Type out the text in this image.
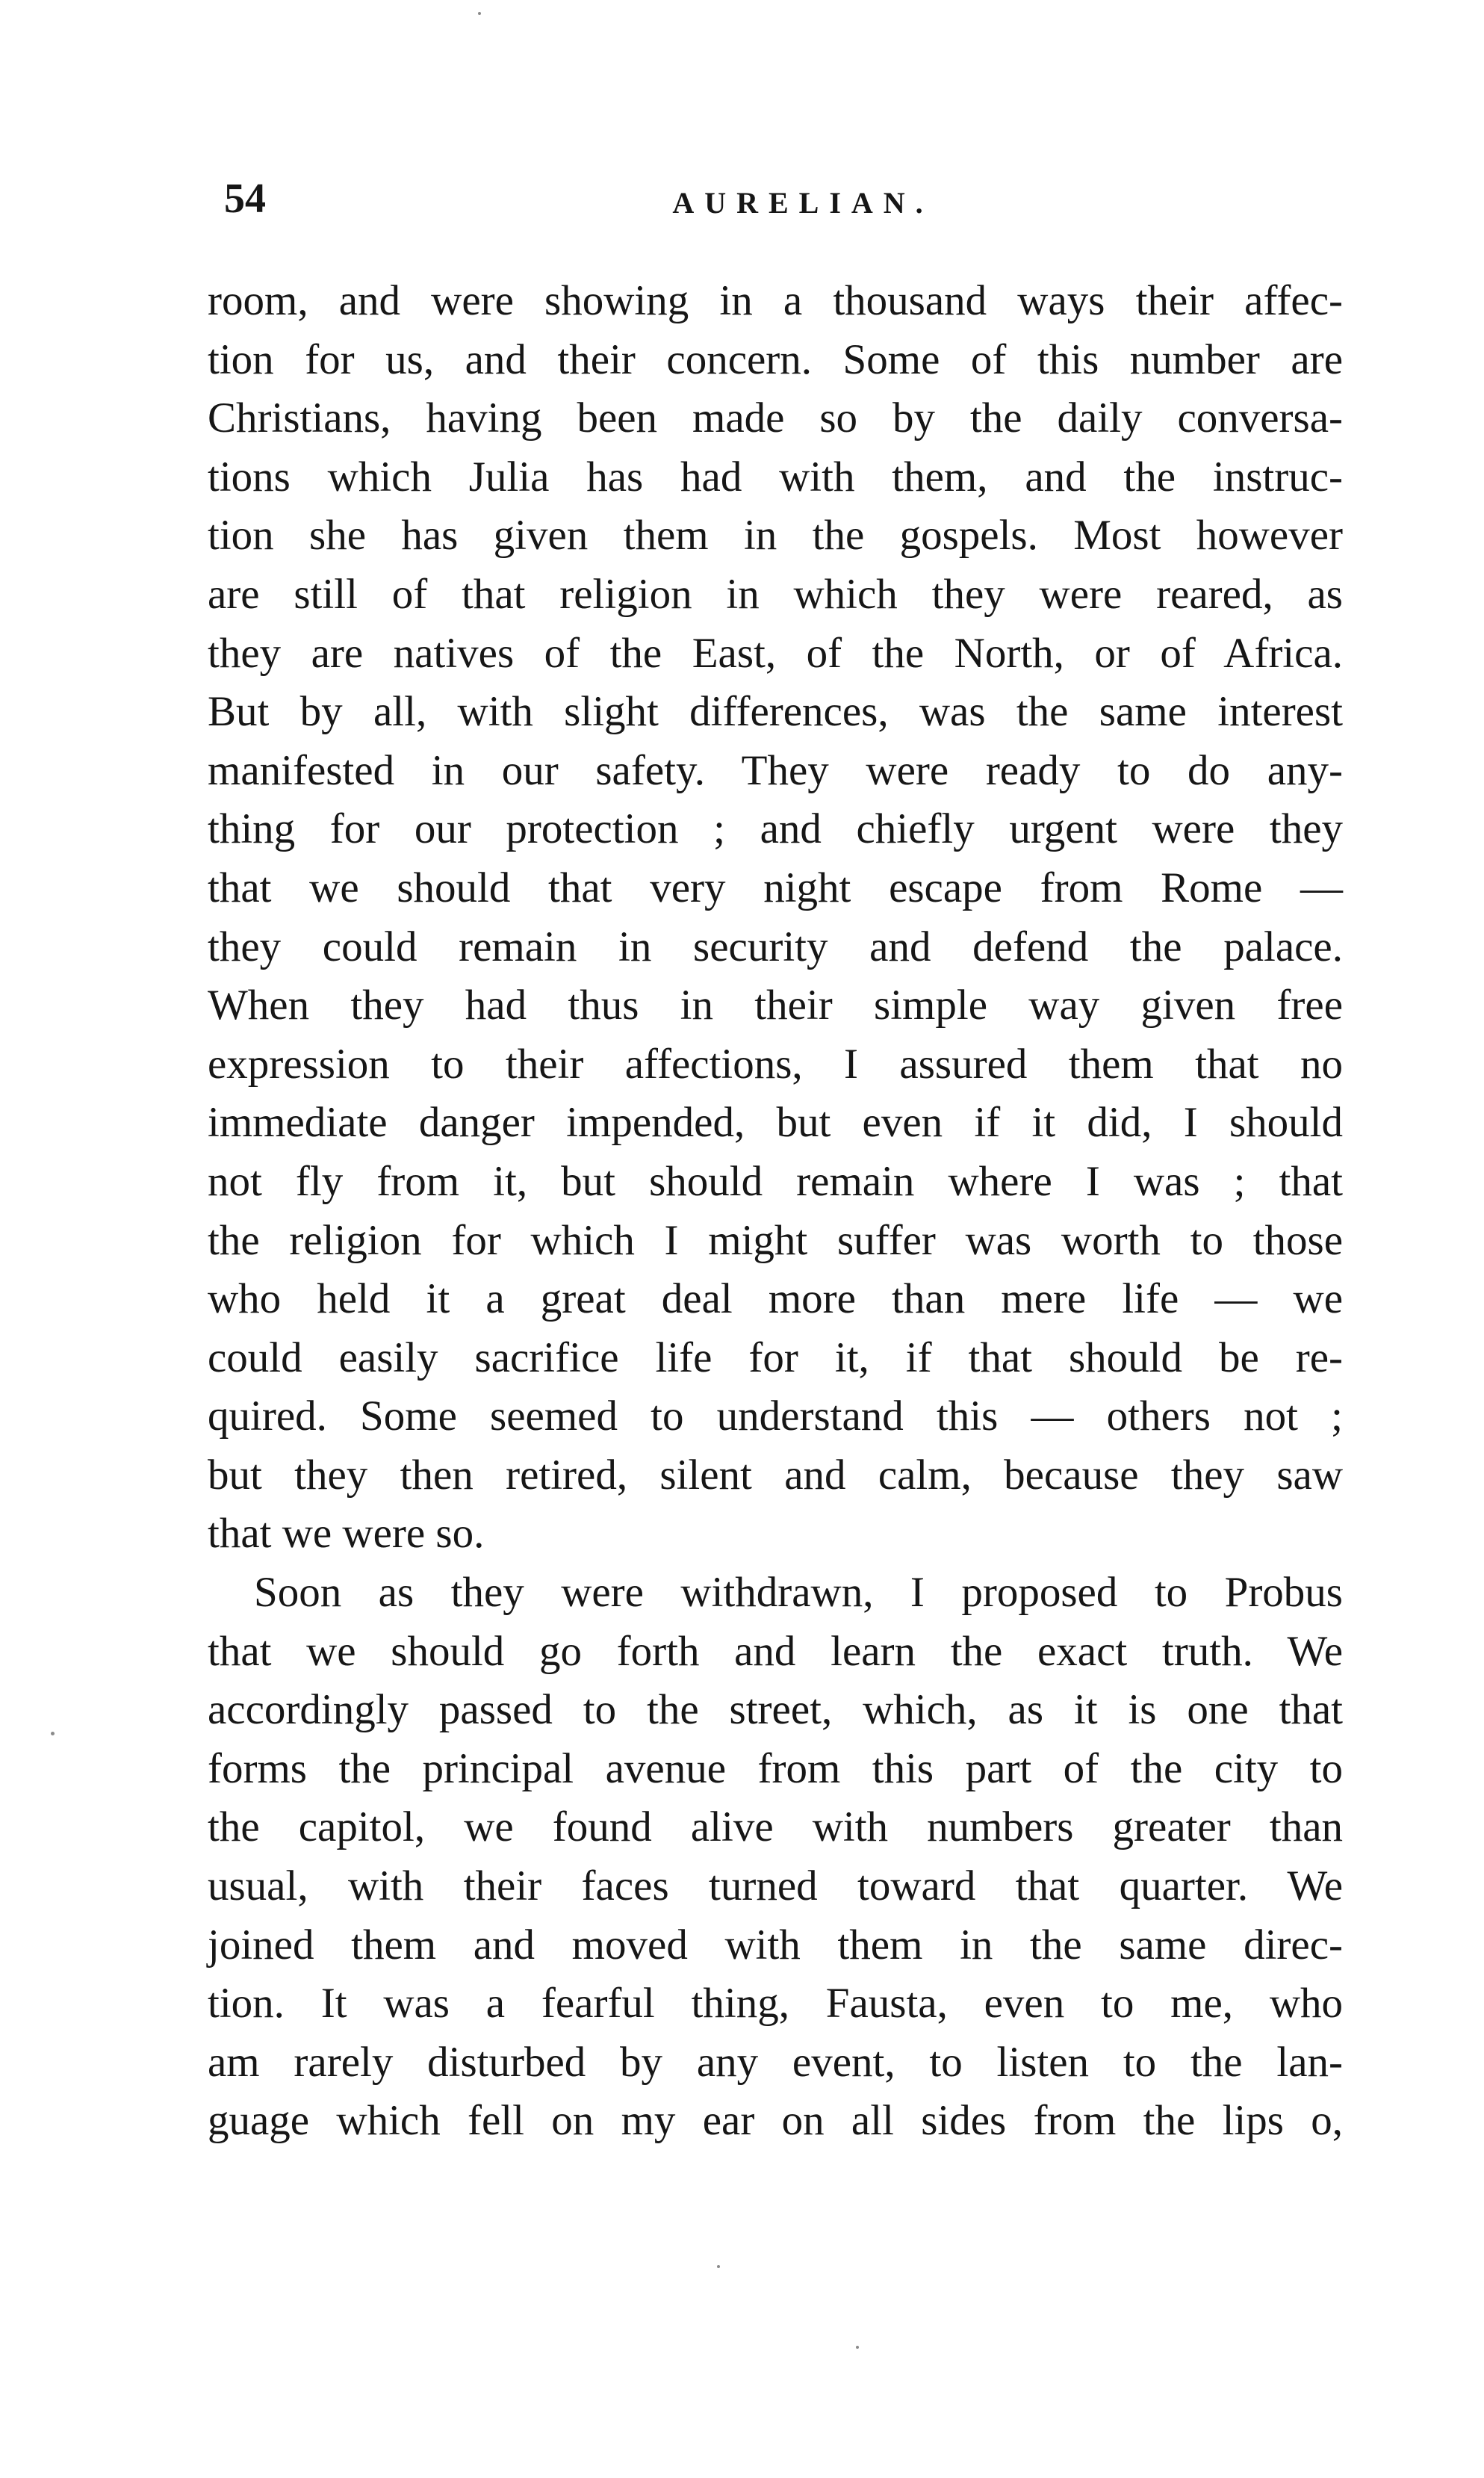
54	AURELIAN.
room, and were showing in a thousand ways their affec-
tion for us, and their concern. Some of this number are
Christians, having been made so by the daily conversa-
tions which Julia has had with them, and the instruc-
tion she has given them in the gospels. Most however
are still of that religion in which they were reared, as
they are natives of the East, of the North, or of Africa.
But by all, with slight differences, was the same interest
manifested in our safety. They were ready to do any-
thing for our protection ; and chiefly urgent were they
that we should that very night escape from Rome —
they could remain in security and defend the palace.
When they had thus in their simple way given free
expression to their affections, I assured them that no
immediate danger impended, but even if it did, I should
not fly from it, but should remain where I was ; that
the religion for which I might suffer was worth to those
who held it a great deal more than mere life — we
could easily sacrifice life for it, if that should be re-
quired. Some seemed to understand this — others not ;
but they then retired, silent and calm, because they saw
that we were so.
Soon as they were withdrawn, I proposed to Probus
that we should go forth and learn the exact truth. We
accordingly passed to the street, which, as it is one that
forms the principal avenue from this part of the city to
the capitol, we found alive with numbers greater than
usual, with their faces turned toward that quarter. We
joined them and moved with them in the same direc-
tion. It was a fearful thing, Fausta, even to me, who
am rarely disturbed by any event, to listen to the lan-
guage which fell on my ear on all sides from the lips o,
